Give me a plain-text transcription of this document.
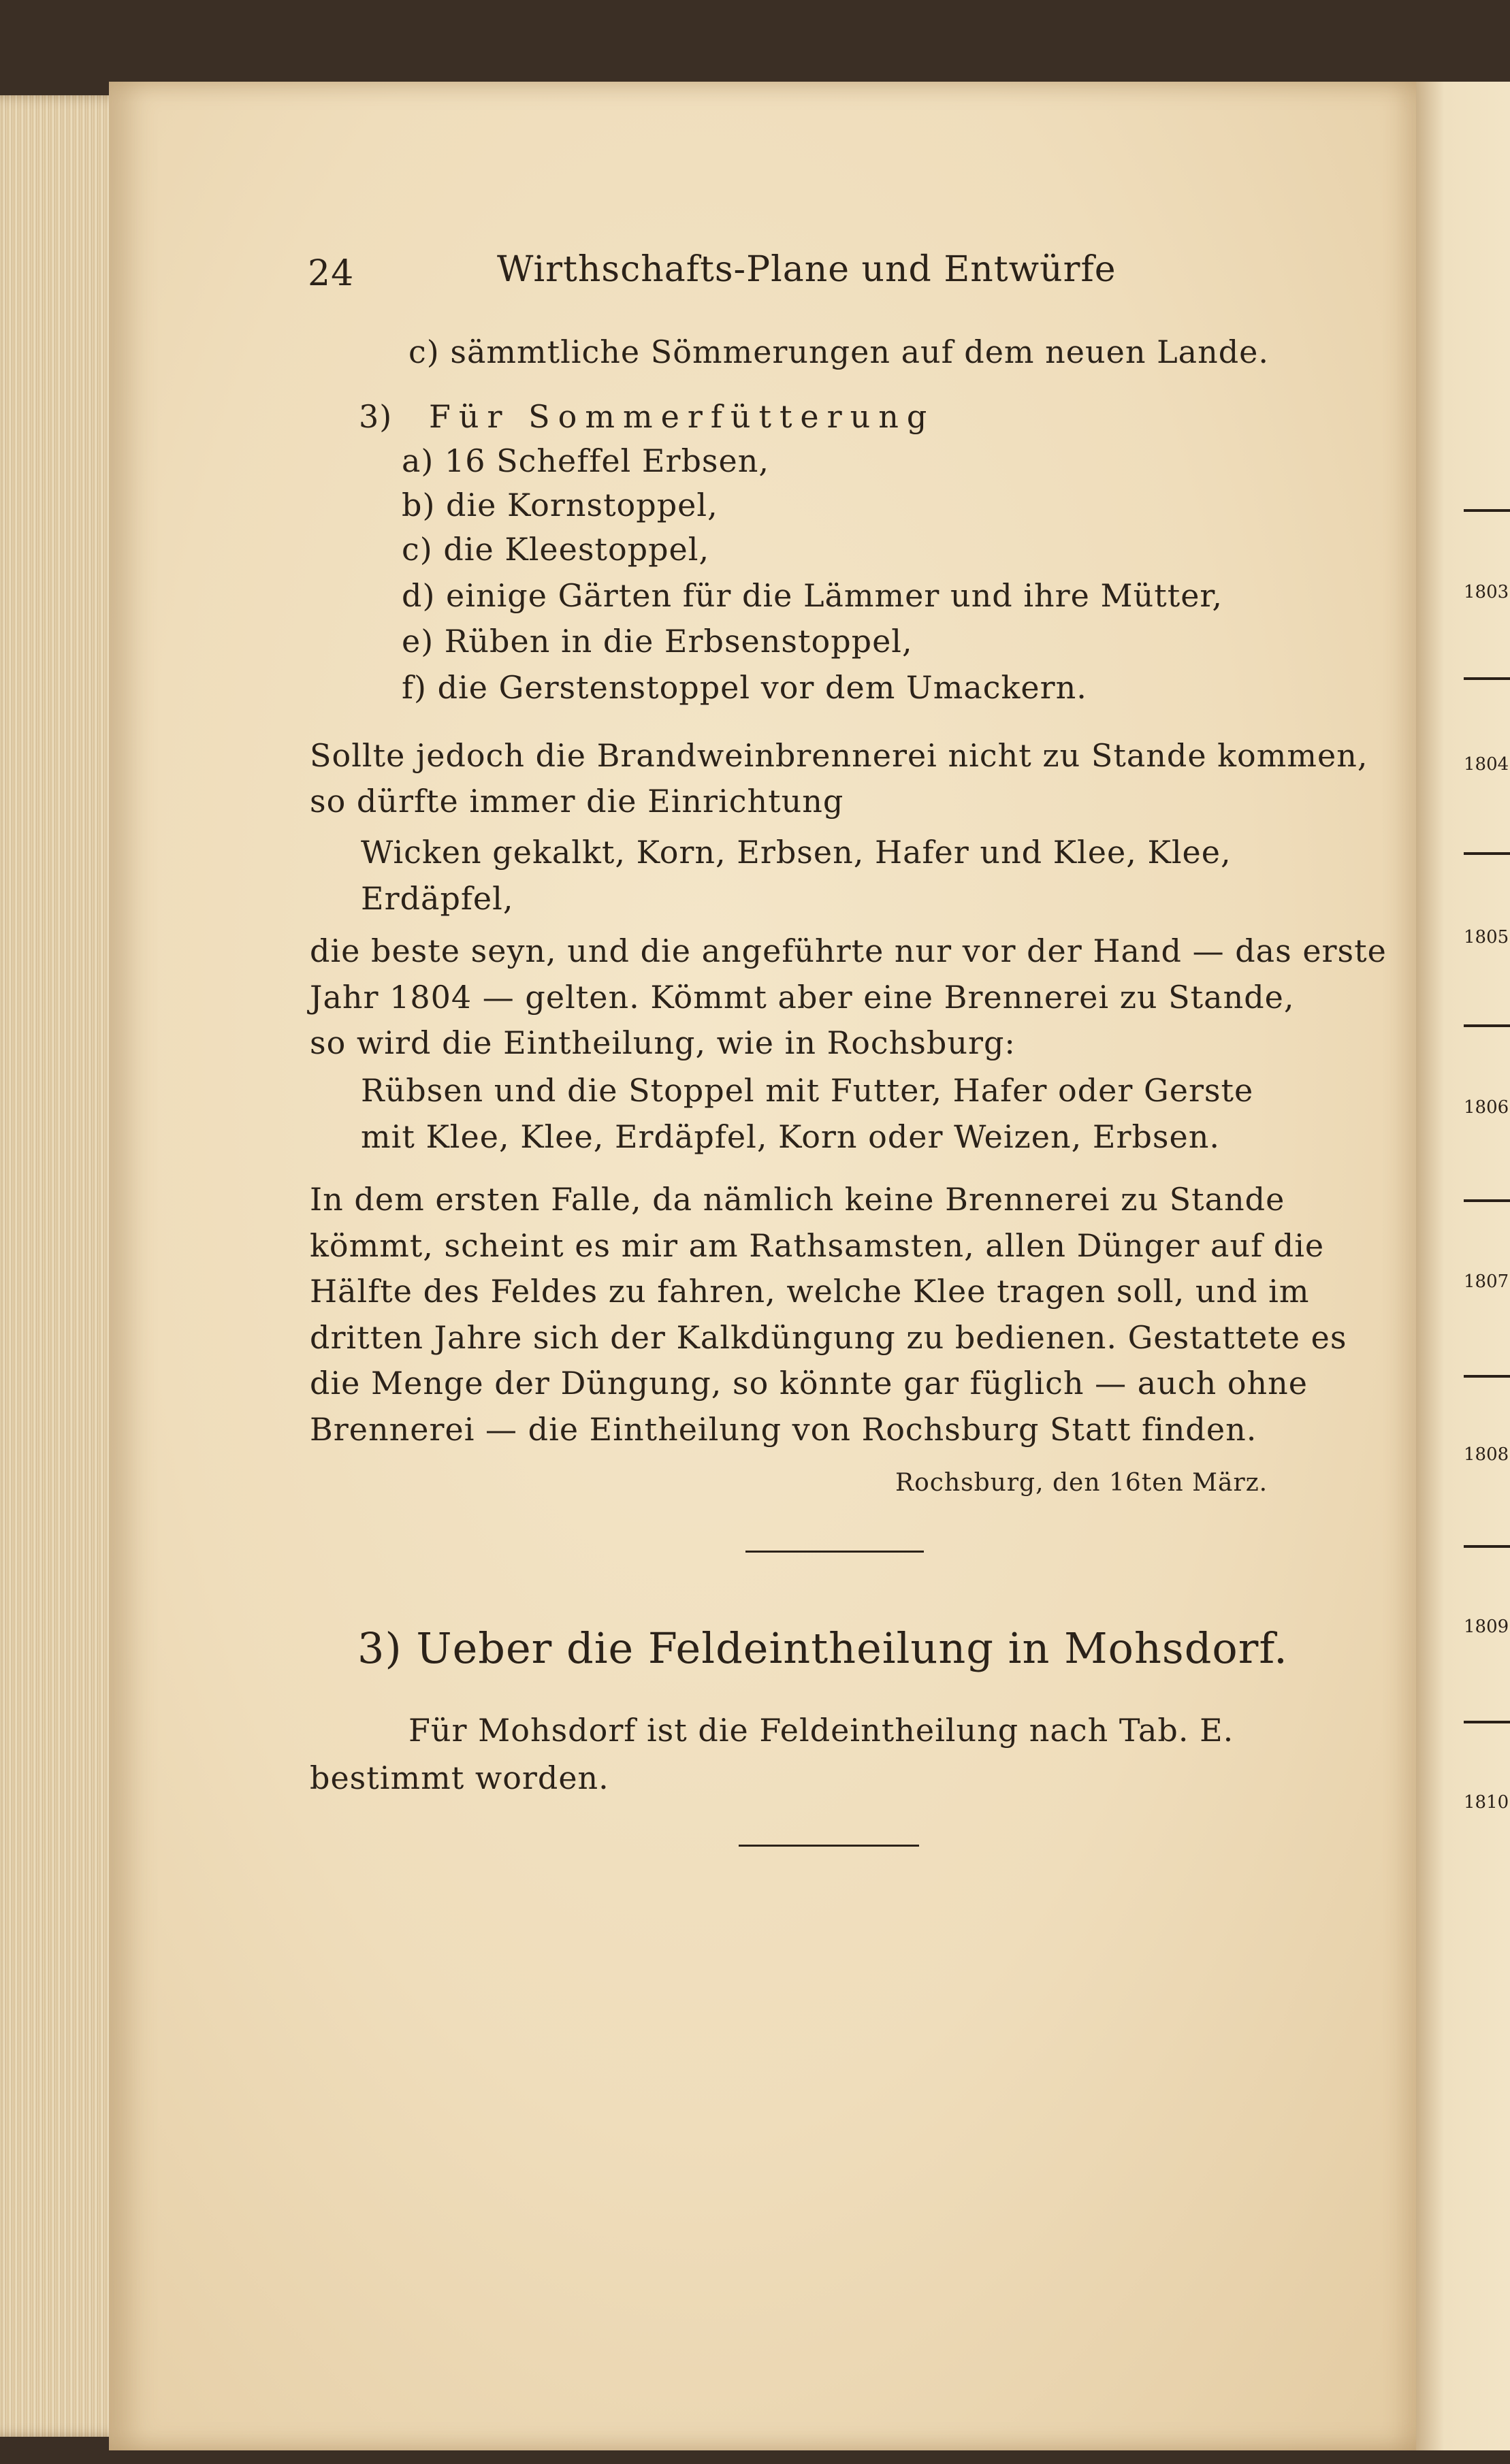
1803
1804
1805
1806
1807
1808
1809
1810
24	Wirthschafts-Plane und Entwürfe
c) sämmtliche Sömmerungen auf dem neuen Lande.
3) Für Sommerfütterung
a) 16 Scheffel Erbsen,
b) die Kornstoppel,
c) die Kleestoppel,
d) einige Gärten für die Lämmer und ihre Mütter,
e) Rüben in die Erbsenstoppel,
f) die Gerstenstoppel vor dem Umackern.
Sollte jedoch die Brandweinbrennerei nicht zu Stande kommen,
so dürfte immer die Einrichtung
Wicken gekalkt, Korn, Erbsen, Hafer und Klee, Klee,
Erdäpfel,
die beste seyn, und die angeführte nur vor der Hand — das erste
Jahr 1804 — gelten. Kömmt aber eine Brennerei zu Stande,
so wird die Eintheilung, wie in Rochsburg:
Rübsen und die Stoppel mit Futter, Hafer oder Gerste
mit Klee, Klee, Erdäpfel, Korn oder Weizen, Erbsen.
In dem ersten Falle, da nämlich keine Brennerei zu Stande
kömmt, scheint es mir am Rathsamsten, allen Dünger auf die
Hälfte des Feldes zu fahren, welche Klee tragen soll, und im
dritten Jahre sich der Kalkdüngung zu bedienen. Gestattete es
die Menge der Düngung, so könnte gar füglich — auch ohne
Brennerei — die Eintheilung von Rochsburg Statt finden.
Rochsburg, den 16ten März.
3) Ueber die Feldeintheilung in Mohsdorf.
Für Mohsdorf ist die Feldeintheilung nach Tab. E.
bestimmt worden.
